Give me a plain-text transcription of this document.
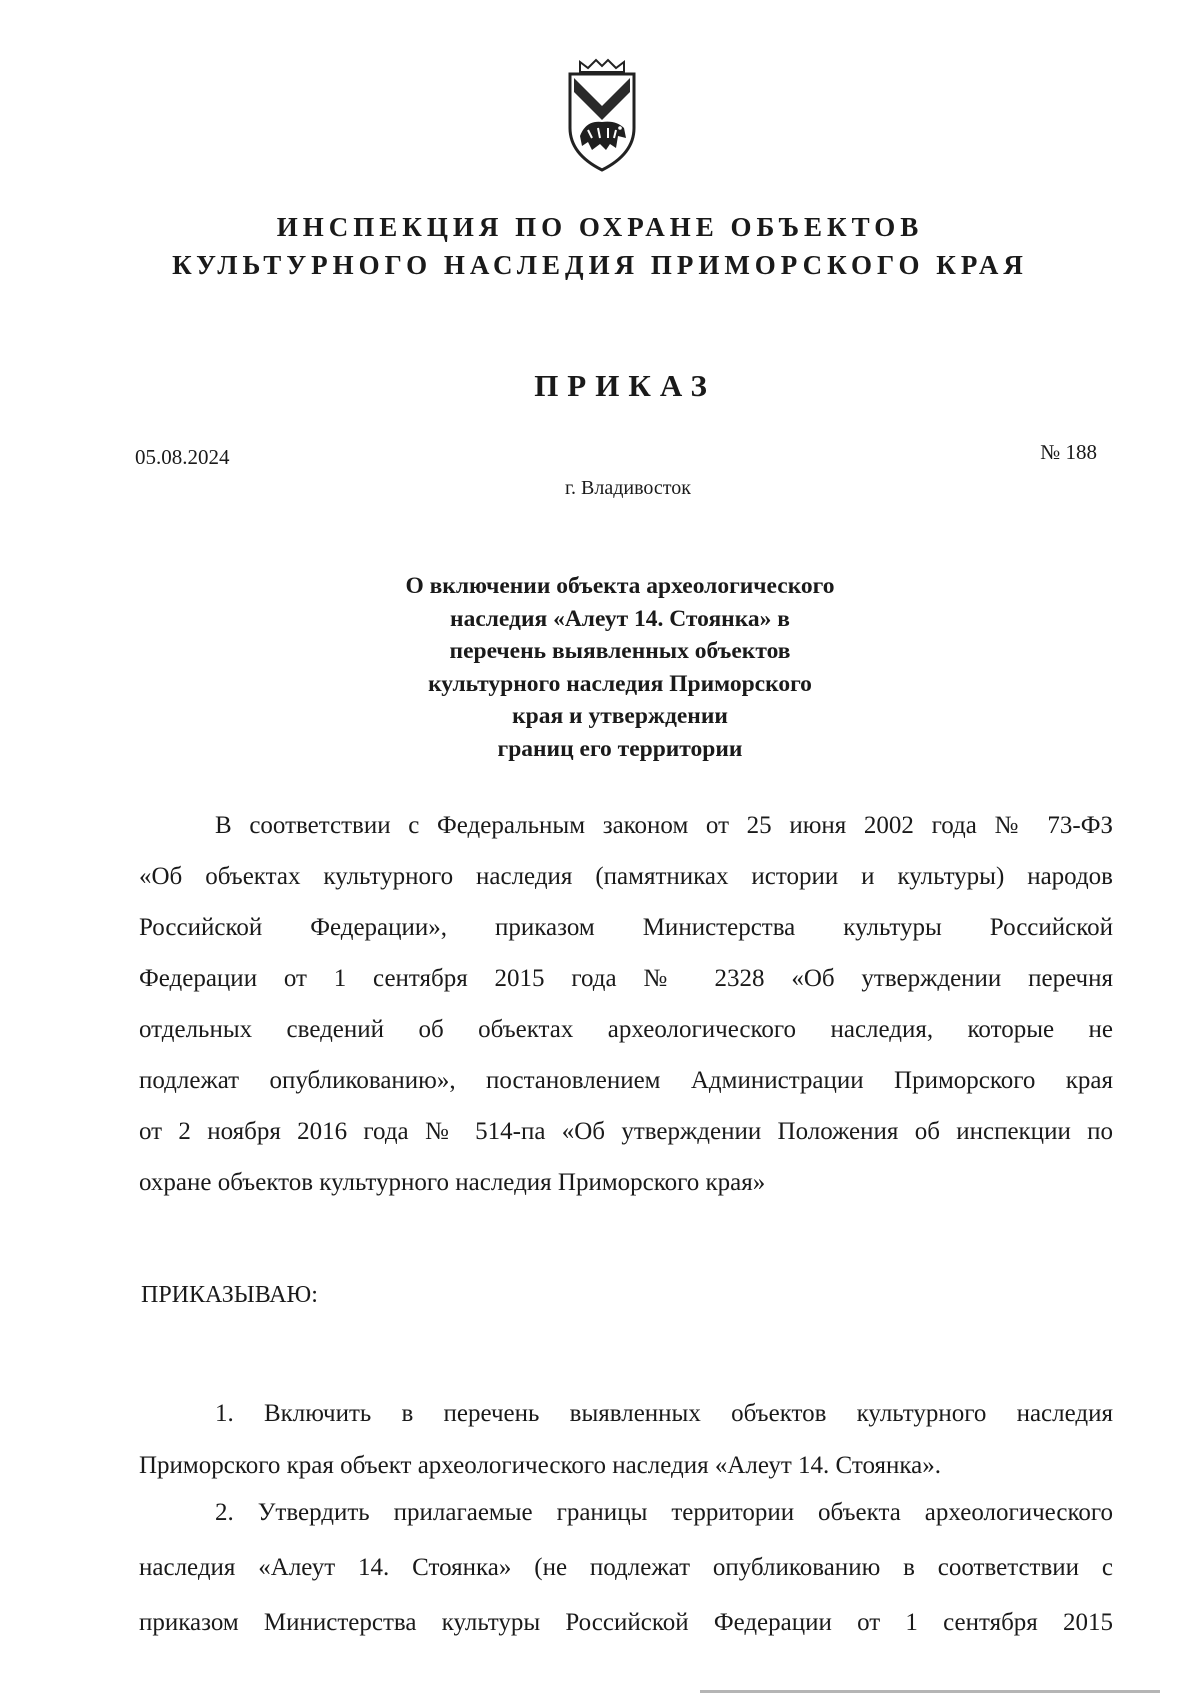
ИНСПЕКЦИЯ ПО ОХРАНЕ ОБЪЕКТОВ
КУЛЬТУРНОГО НАСЛЕДИЯ ПРИМОРСКОГО КРАЯ
ПРИКАЗ
05.08.2024	№ 188
г. Владивосток
О включении объекта археологического
наследия «Алеут 14. Стоянка» в
перечень выявленных объектов
культурного наследия Приморского
края и утверждении
границ его территории
В соответствии с Федеральным законом от 25 июня 2002 года № 73-ФЗ
«Об объектах культурного наследия (памятниках истории и культуры) народов
Российской Федерации», приказом Министерства культуры Российской
Федерации от 1 сентября 2015 года № 2328 «Об утверждении перечня
отдельных сведений об объектах археологического наследия, которые не
подлежат опубликованию», постановлением Администрации Приморского края
от 2 ноября 2016 года № 514-па «Об утверждении Положения об инспекции по
охране объектов культурного наследия Приморского края»
ПРИКАЗЫВАЮ:
1. Включить в перечень выявленных объектов культурного наследия
Приморского края объект археологического наследия «Алеут 14. Стоянка».
2. Утвердить прилагаемые границы территории объекта археологического
наследия «Алеут 14. Стоянка» (не подлежат опубликованию в соответствии с
приказом Министерства культуры Российской Федерации от 1 сентября 2015
